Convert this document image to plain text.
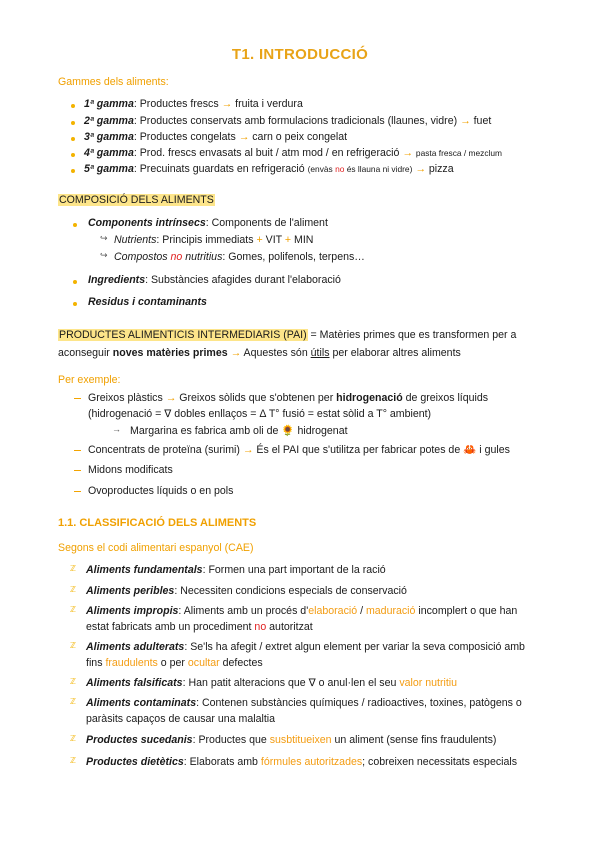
T1. INTRODUCCIÓ
Gammes dels aliments:
1ª gamma: Productes frescs → fruita i verdura
2ª gamma: Productes conservats amb formulacions tradicionals (llaunes, vidre) → fuet
3ª gamma: Productes congelats → carn o peix congelat
4ª gamma: Prod. frescs envasats al buit / atm mod / en refrigeració → pasta fresca / mezclum
5ª gamma: Precuinats guardats en refrigeració (envàs no és llauna ni vidre) → pizza
COMPOSICIÓ DELS ALIMENTS
Components intrínsecs: Components de l'aliment
↪ Nutrients: Principis immediats + VIT + MIN
↪ Compostos no nutritius: Gomes, polifenols, terpens…
Ingredients: Substàncies afagides durant l'elaboració
Residus i contaminants
PRODUCTES ALIMENTICIS INTERMEDIARIS (PAI) = Matèries primes que es transformen per a
aconseguir noves matèries primes → Aquestes són útils per elaborar altres aliments
Per exemple:
Greixos plàstics → Greixos sòlids que s'obtenen per hidrogenació de greixos líquids
(hidrogenació = ∇ dobles enllaços = Δ T° fusió = estat sòlid a T° ambient)
→ Margarina es fabrica amb oli de 🌻 hidrogenat
Concentrats de proteïna (surimi) → És el PAI que s'utilitza per fabricar potes de 🦀 i gules
Midons modificats
Ovoproductes líquids o en pols
1.1. CLASSIFICACIÓ DELS ALIMENTS
Segons el codi alimentari espanyol (CAE)
ℤ Aliments fundamentals: Formen una part important de la ració
ℤ Aliments peribles: Necessiten condicions especials de conservació
ℤ Aliments impropis: Aliments amb un procés d'elaboració / maduració incomplert o que han
estat fabricats amb un procediment no autoritzat
ℤ Aliments adulterats: Se'ls ha afegit / extret algun element per variar la seva composició amb
fins fraudulents o per ocultar defectes
ℤ Aliments falsificats: Han patit alteracions que ∇ o anul·len el seu valor nutritiu
ℤ Aliments contaminats: Contenen substàncies químiques / radioactives, toxines, patògens o
paràsits capaços de causar una malaltia
ℤ Productes sucedanis: Productes que susbtitueixen un aliment (sense fins fraudulents)
ℤ Productes dietètics: Elaborats amb fórmules autoritzades; cobreixen necessitats especials
